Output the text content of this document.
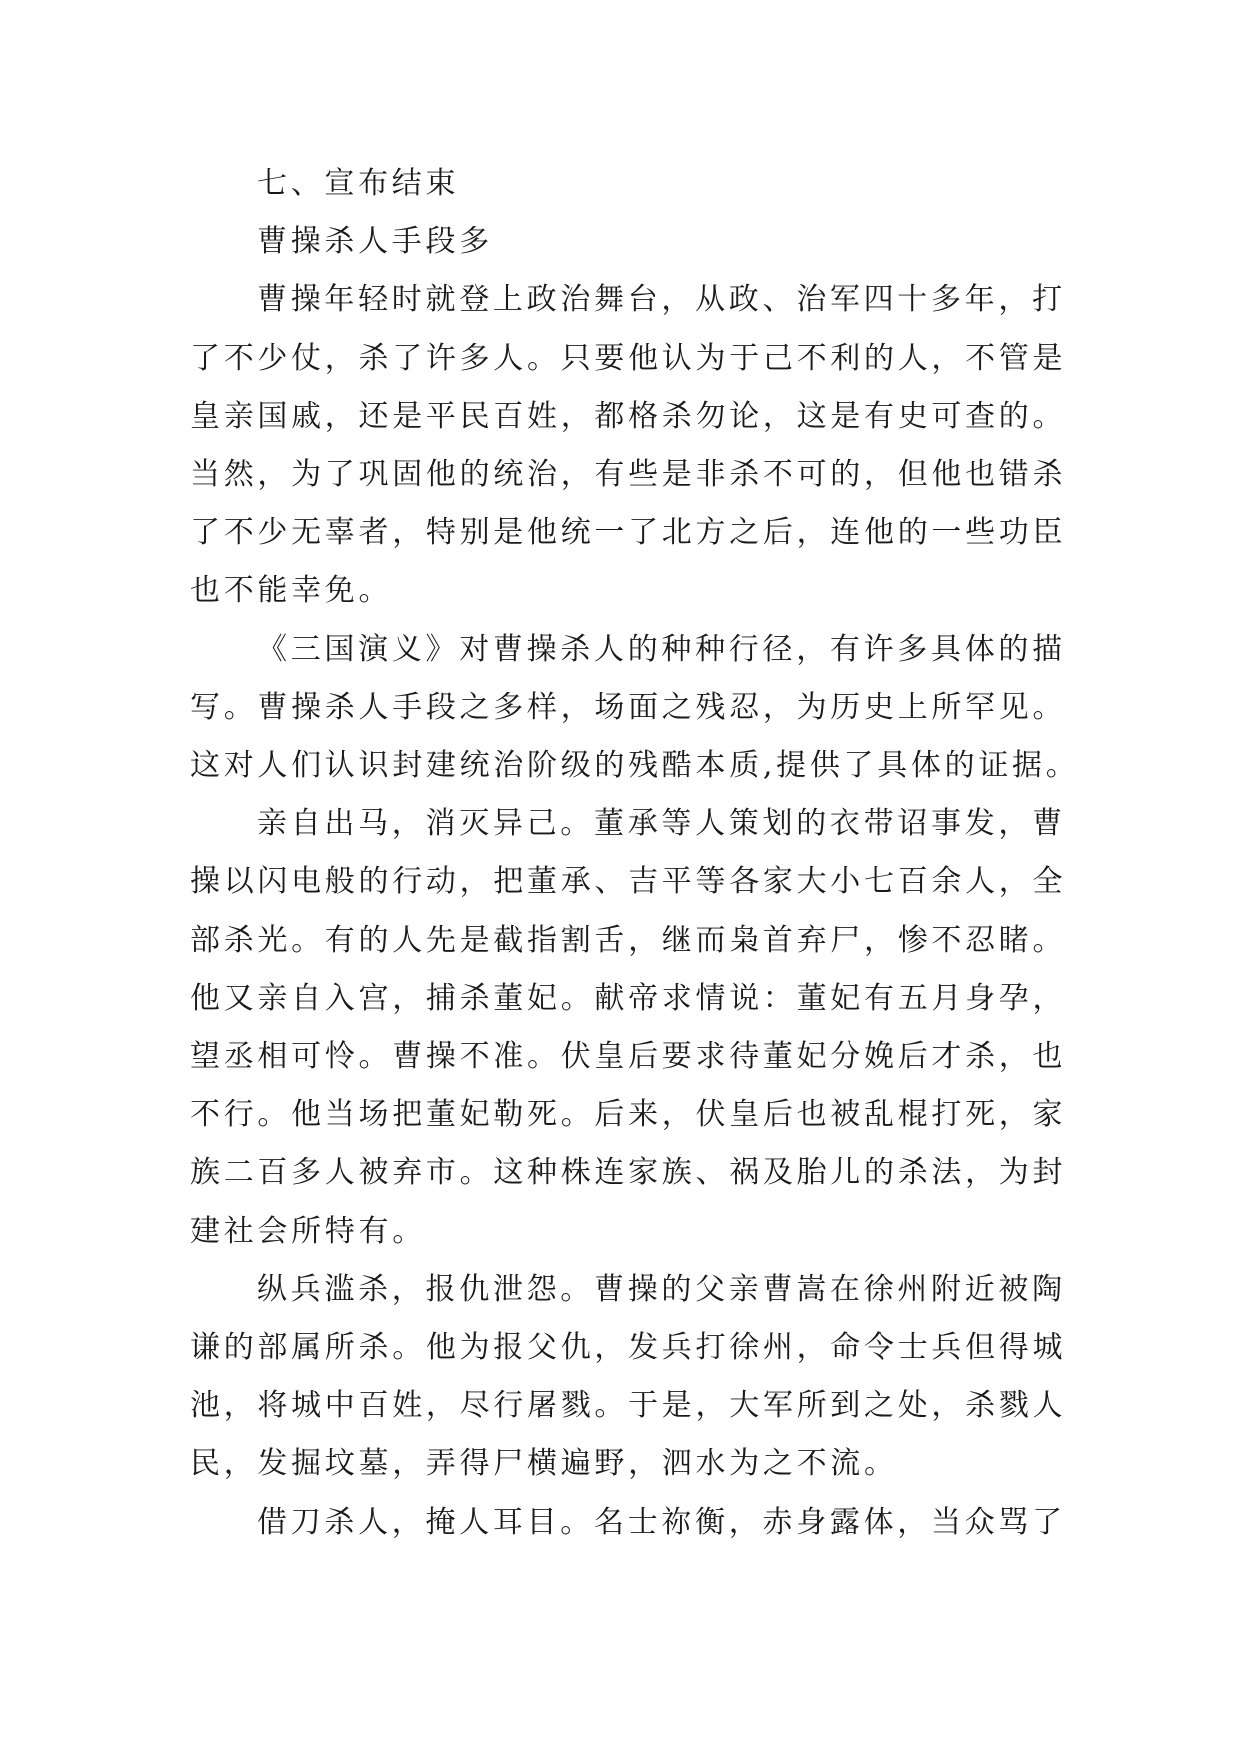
七、宣布结束

曹操杀人手段多

曹操年轻时就登上政治舞台，从政、治军四十多年，打
了不少仗，杀了许多人。只要他认为于己不利的人，不管是
皇亲国戚，还是平民百姓，都格杀勿论，这是有史可查的。
当然，为了巩固他的统治，有些是非杀不可的，但他也错杀
了不少无辜者，特别是他统一了北方之后，连他的一些功臣
也不能幸免。

《三国演义》对曹操杀人的种种行径，有许多具体的描
写。曹操杀人手段之多样，场面之残忍，为历史上所罕见。
这对人们认识封建统治阶级的残酷本质,提供了具体的证据。

亲自出马，消灭异己。董承等人策划的衣带诏事发，曹
操以闪电般的行动，把董承、吉平等各家大小七百余人，全
部杀光。有的人先是截指割舌，继而枭首弃尸，惨不忍睹。
他又亲自入宫，捕杀董妃。献帝求情说：董妃有五月身孕，
望丞相可怜。曹操不准。伏皇后要求待董妃分娩后才杀，也
不行。他当场把董妃勒死。后来，伏皇后也被乱棍打死，家
族二百多人被弃市。这种株连家族、祸及胎儿的杀法，为封
建社会所特有。

纵兵滥杀，报仇泄怨。曹操的父亲曹嵩在徐州附近被陶
谦的部属所杀。他为报父仇，发兵打徐州，命令士兵但得城
池，将城中百姓，尽行屠戮。于是，大军所到之处，杀戮人
民，发掘坟墓，弄得尸横遍野，泗水为之不流。

借刀杀人，掩人耳目。名士祢衡，赤身露体，当众骂了
